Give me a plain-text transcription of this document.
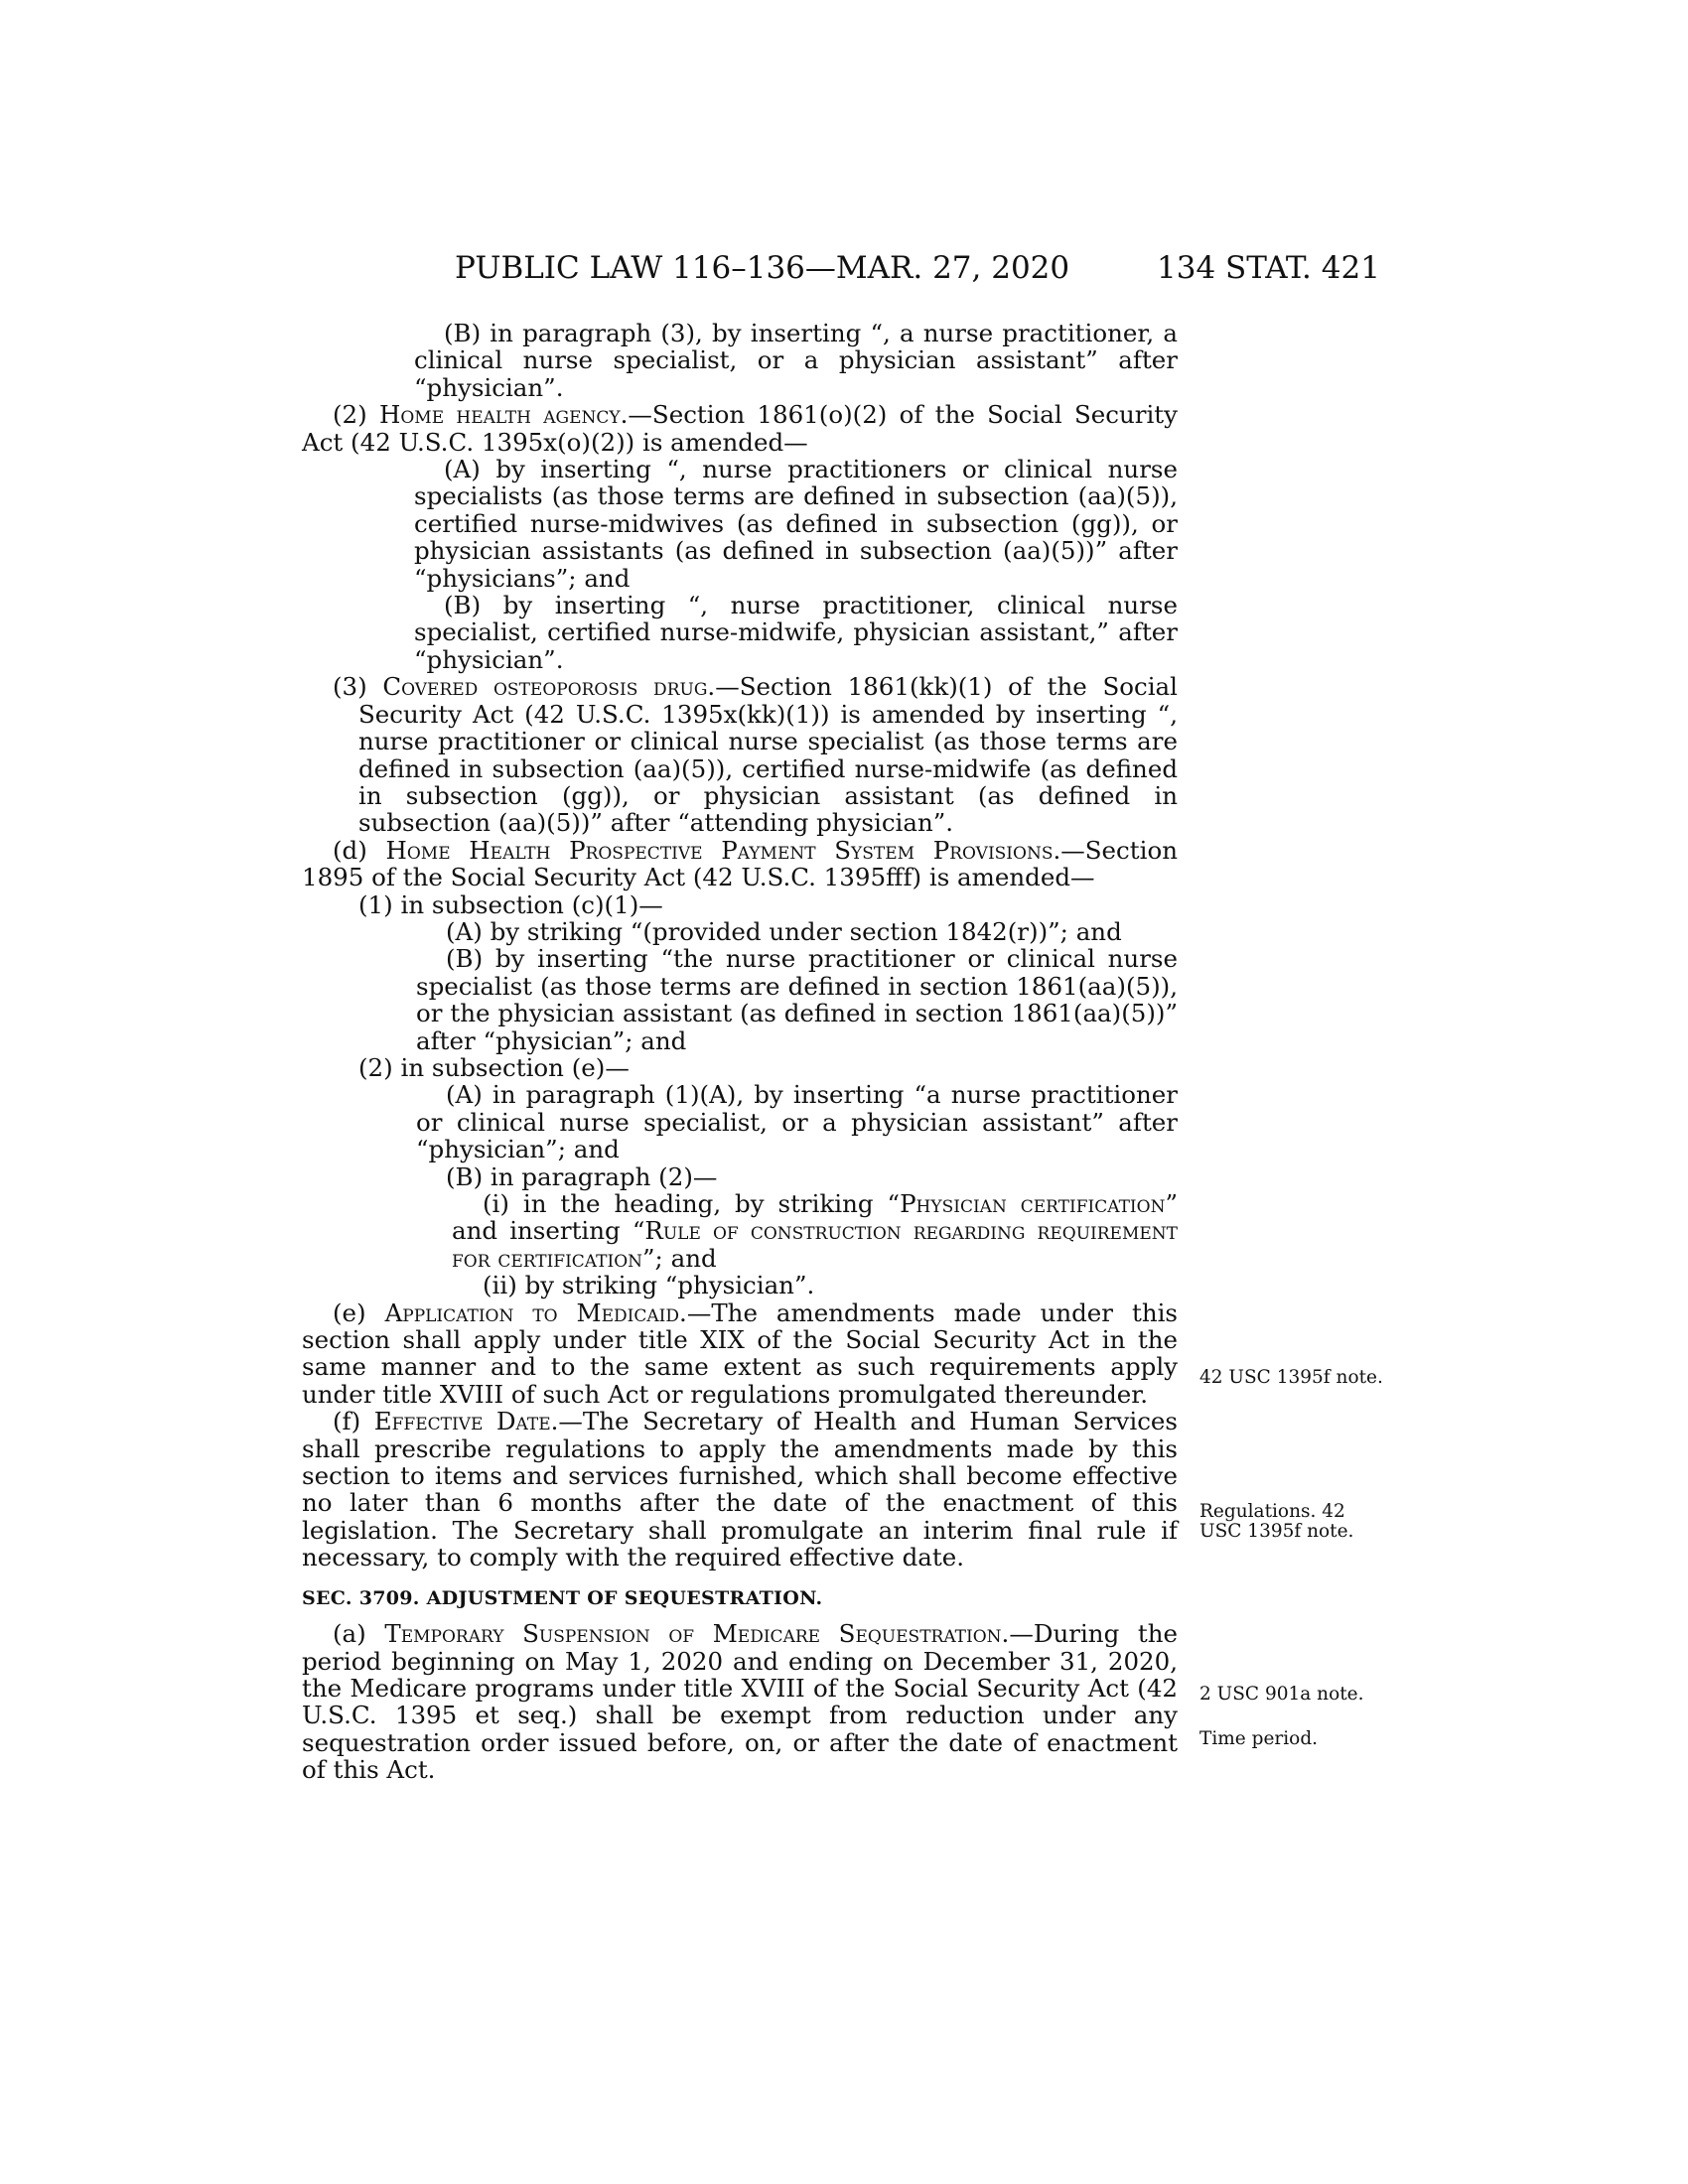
PUBLIC LAW 116–136—MAR. 27, 2020	134 STAT. 421

(B) in paragraph (3), by inserting “, a nurse practitioner, a clinical nurse specialist, or a physician assistant” after “physician”.

(2) Home health agency.—Section 1861(o)(2) of the Social Security Act (42 U.S.C. 1395x(o)(2)) is amended—

(A) by inserting “, nurse practitioners or clinical nurse specialists (as those terms are defined in subsection (aa)(5)), certified nurse-midwives (as defined in subsection (gg)), or physician assistants (as defined in subsection (aa)(5))” after “physicians”; and

(B) by inserting “, nurse practitioner, clinical nurse specialist, certified nurse-midwife, physician assistant,” after “physician”.

(3) Covered osteoporosis drug.—Section 1861(kk)(1) of the Social Security Act (42 U.S.C. 1395x(kk)(1)) is amended by inserting “, nurse practitioner or clinical nurse specialist (as those terms are defined in subsection (aa)(5)), certified nurse-midwife (as defined in subsection (gg)), or physician assistant (as defined in subsection (aa)(5))” after “attending physician”.

(d) Home Health Prospective Payment System Provisions.—Section 1895 of the Social Security Act (42 U.S.C. 1395fff) is amended—

(1) in subsection (c)(1)—

(A) by striking “(provided under section 1842(r))”; and

(B) by inserting “the nurse practitioner or clinical nurse specialist (as those terms are defined in section 1861(aa)(5)), or the physician assistant (as defined in section 1861(aa)(5))” after “physician”; and

(2) in subsection (e)—

(A) in paragraph (1)(A), by inserting “a nurse practitioner or clinical nurse specialist, or a physician assistant” after “physician”; and

(B) in paragraph (2)—

(i) in the heading, by striking “Physician certification” and inserting “Rule of construction regarding requirement for certification”; and

(ii) by striking “physician”.

(e) Application to Medicaid.—The amendments made under this section shall apply under title XIX of the Social Security Act in the same manner and to the same extent as such requirements apply under title XVIII of such Act or regulations promulgated thereunder.

(f) Effective Date.—The Secretary of Health and Human Services shall prescribe regulations to apply the amendments made by this section to items and services furnished, which shall become effective no later than 6 months after the date of the enactment of this legislation. The Secretary shall promulgate an interim final rule if necessary, to comply with the required effective date.

SEC. 3709. ADJUSTMENT OF SEQUESTRATION.

(a) Temporary Suspension of Medicare Sequestration.—During the period beginning on May 1, 2020 and ending on December 31, 2020, the Medicare programs under title XVIII of the Social Security Act (42 U.S.C. 1395 et seq.) shall be exempt from reduction under any sequestration order issued before, on, or after the date of enactment of this Act.

42 USC 1395f note.
Regulations. 42 USC 1395f note.
2 USC 901a note.
Time period.
